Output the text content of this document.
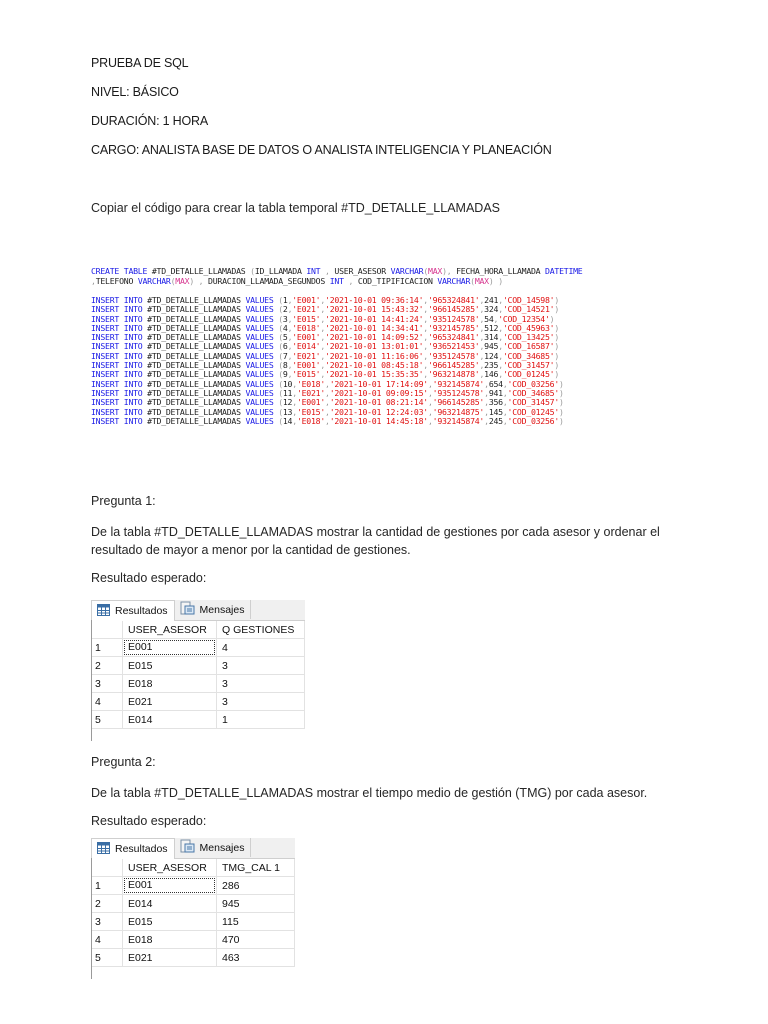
PRUEBA DE SQL
NIVEL: BÁSICO
DURACIÓN: 1 HORA
CARGO: ANALISTA BASE DE DATOS O ANALISTA INTELIGENCIA Y PLANEACIÓN
Copiar el código para crear la tabla temporal #TD_DETALLE_LLAMADAS

CREATE TABLE #TD_DETALLE_LLAMADAS (ID_LLAMADA INT , USER_ASESOR VARCHAR(MAX), FECHA_HORA_LLAMADA DATETIME
,TELEFONO VARCHAR(MAX) , DURACION_LLAMADA_SEGUNDOS INT , COD_TIPIFICACION VARCHAR(MAX) )

INSERT INTO #TD_DETALLE_LLAMADAS VALUES (1,'E001','2021-10-01 09:36:14','965324841',241,'COD_14598')
INSERT INTO #TD_DETALLE_LLAMADAS VALUES (2,'E021','2021-10-01 15:43:32','966145285',324,'COD_14521')
INSERT INTO #TD_DETALLE_LLAMADAS VALUES (3,'E015','2021-10-01 14:41:24','935124578',54,'COD_12354')
INSERT INTO #TD_DETALLE_LLAMADAS VALUES (4,'E018','2021-10-01 14:34:41','932145785',512,'COD_45963')
INSERT INTO #TD_DETALLE_LLAMADAS VALUES (5,'E001','2021-10-01 14:09:52','965324841',314,'COD_13425')
INSERT INTO #TD_DETALLE_LLAMADAS VALUES (6,'E014','2021-10-01 13:01:01','936521453',945,'COD_16587')
INSERT INTO #TD_DETALLE_LLAMADAS VALUES (7,'E021','2021-10-01 11:16:06','935124578',124,'COD_34685')
INSERT INTO #TD_DETALLE_LLAMADAS VALUES (8,'E001','2021-10-01 08:45:18','966145285',235,'COD_31457')
INSERT INTO #TD_DETALLE_LLAMADAS VALUES (9,'E015','2021-10-01 15:35:35','963214878',146,'COD_01245')
INSERT INTO #TD_DETALLE_LLAMADAS VALUES (10,'E018','2021-10-01 17:14:09','932145874',654,'COD_03256')
INSERT INTO #TD_DETALLE_LLAMADAS VALUES (11,'E021','2021-10-01 09:09:15','935124578',941,'COD_34685')
INSERT INTO #TD_DETALLE_LLAMADAS VALUES (12,'E001','2021-10-01 08:21:14','966145285',356,'COD_31457')
INSERT INTO #TD_DETALLE_LLAMADAS VALUES (13,'E015','2021-10-01 12:24:03','963214875',145,'COD_01245')
INSERT INTO #TD_DETALLE_LLAMADAS VALUES (14,'E018','2021-10-01 14:45:18','932145874',245,'COD_03256')
Pregunta 1:
De la tabla #TD_DETALLE_LLAMADAS mostrar la cantidad de gestiones por cada asesor y ordenar el
resultado de mayor a menor por la cantidad de gestiones.
Resultado esperado:
Resultados	Mensajes
	USER_ASESOR	Q GESTIONES
1	E001	4
2	E015	3
3	E018	3
4	E021	3
5	E014	1
Pregunta 2:
De la tabla #TD_DETALLE_LLAMADAS mostrar el tiempo medio de gestión (TMG) por cada asesor.
Resultado esperado:
Resultados	Mensajes
	USER_ASESOR	TMG_CAL 1
1	E001	286
2	E014	945
3	E015	115
4	E018	470
5	E021	463
